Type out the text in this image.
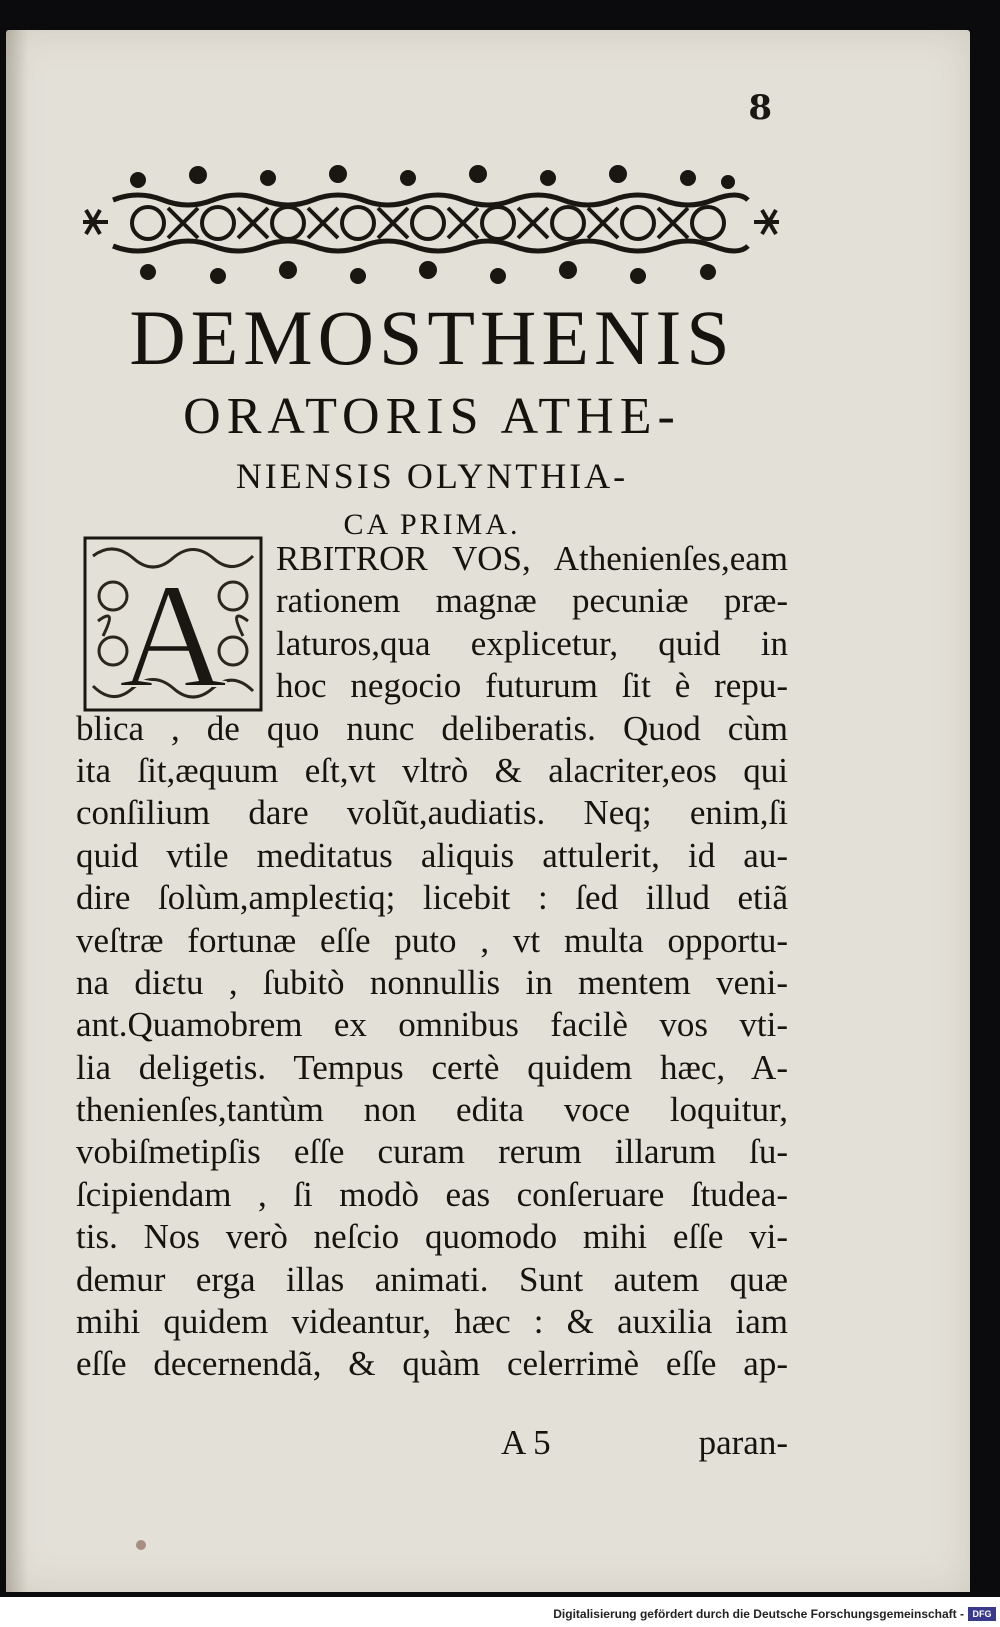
8
DEMOSTHENIS
ORATORIS ATHE-
NIENSIS OLYNTHIA-
CA PRIMA.
A	RBITROR VOS, Athenienſes,eam
rationem magnæ pecuniæ præ-
laturos,qua explicetur, quid in
hoc negocio futurum ſit è repu-
blica , de quo nunc deliberatis. Quod cùm
ita ſit,æquum eſt,vt vltrò & alacriter,eos qui
conſilium dare volũt,audiatis. Neq; enim,ſi
quid vtile meditatus aliquis attulerit, id au-
dire ſolùm,ampleɛtiq; licebit : ſed illud etiã
veſtræ fortunæ eſſe puto , vt multa opportu-
na diɛtu , ſubitò nonnullis in mentem veni-
ant.Quamobrem ex omnibus facilè vos vti-
lia deligetis. Tempus certè quidem hæc, A-
thenienſes,tantùm non edita voce loquitur,
vobiſmetipſis eſſe curam rerum illarum ſu-
ſcipiendam , ſi modò eas conſeruare ſtudea-
tis. Nos verò neſcio quomodo mihi eſſe vi-
demur erga illas animati. Sunt autem quæ
mihi quidem videantur, hæc : & auxilia iam
eſſe decernendã, & quàm celerrimè eſſe ap-
A 5	paran-
Digitalisierung gefördert durch die Deutsche Forschungsgemeinschaft - DFG
